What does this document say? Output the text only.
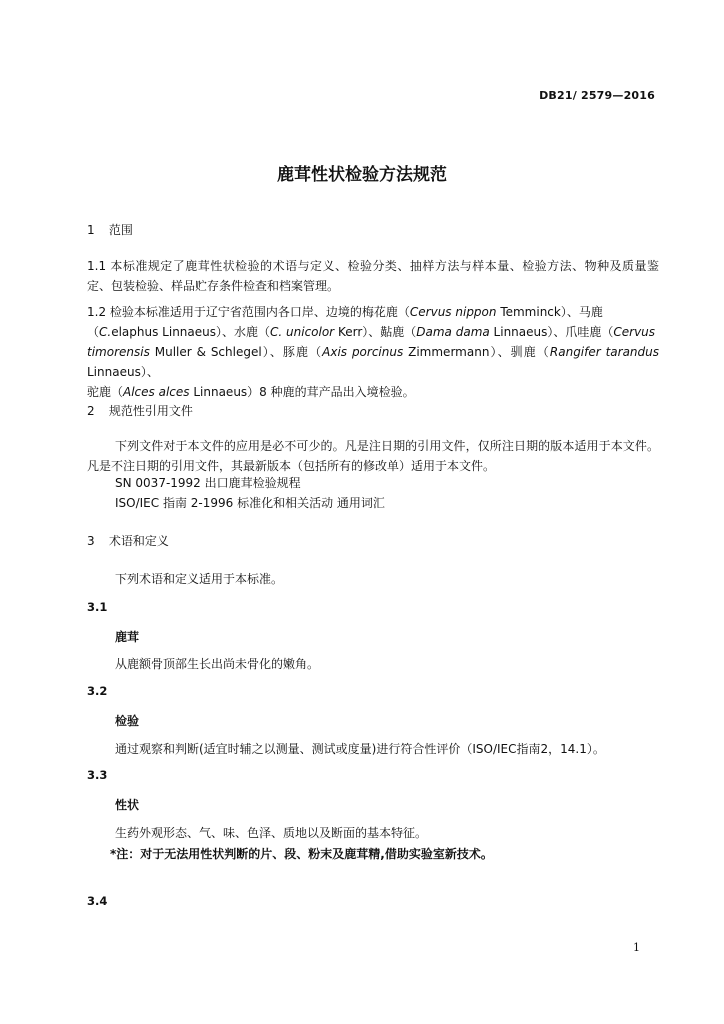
DB21/ 2579—2016
鹿茸性状检验方法规范
1 范围
1.1 本标准规定了鹿茸性状检验的术语与定义、检验分类、抽样方法与样本量、检验方法、物种及质量鉴定、包装检验、样品贮存条件检查和档案管理。
1.2 检验本标准适用于辽宁省范围内各口岸、边境的梅花鹿（Cervus nippon Temminck）、马鹿
（C.elaphus Linnaeus）、水鹿（C. unicolor Kerr）、黇鹿（Dama dama Linnaeus）、爪哇鹿（Cervus
timorensis Muller & Schlegel）、豚鹿（Axis porcinus Zimmermann）、驯鹿（Rangifer tarandus Linnaeus）、
驼鹿（Alces alces Linnaeus）8 种鹿的茸产品出入境检验。
2 规范性引用文件
下列文件对于本文件的应用是必不可少的。凡是注日期的引用文件，仅所注日期的版本适用于本文件。凡是不注日期的引用文件，其最新版本（包括所有的修改单）适用于本文件。
SN 0037-1992 出口鹿茸检验规程
ISO/IEC 指南 2-1996 标准化和相关活动 通用词汇
3 术语和定义
下列术语和定义适用于本标准。
3.1
鹿茸
从鹿额骨顶部生长出尚未骨化的嫩角。
3.2
检验
通过观察和判断(适宜时辅之以测量、测试或度量)进行符合性评价（ISO/IEC指南2，14.1）。
3.3
性状
生药外观形态、气、味、色泽、质地以及断面的基本特征。
*注：对于无法用性状判断的片、段、粉末及鹿茸精,借助实验室新技术。
3.4
1
